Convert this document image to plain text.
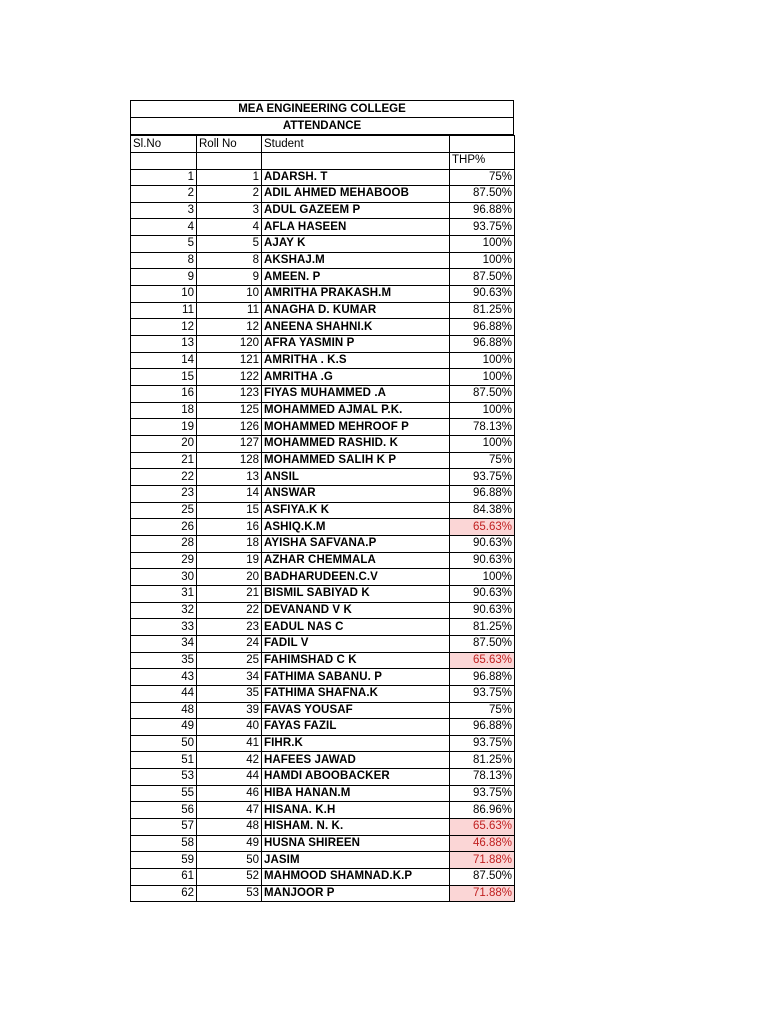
MEA ENGINEERING COLLEGE
ATTENDANCE
Sl.No	Roll No	Student	
			THP%
1	1	ADARSH. T	75%
2	2	ADIL AHMED MEHABOOB	87.50%
3	3	ADUL GAZEEM P	96.88%
4	4	AFLA HASEEN	93.75%
5	5	AJAY K	100%
8	8	AKSHAJ.M	100%
9	9	AMEEN. P	87.50%
10	10	AMRITHA PRAKASH.M	90.63%
11	11	ANAGHA D. KUMAR	81.25%
12	12	ANEENA SHAHNI.K	96.88%
13	120	AFRA YASMIN P	96.88%
14	121	AMRITHA . K.S	100%
15	122	AMRITHA .G	100%
16	123	FIYAS MUHAMMED .A	87.50%
18	125	MOHAMMED AJMAL P.K.	100%
19	126	MOHAMMED MEHROOF P	78.13%
20	127	MOHAMMED RASHID. K	100%
21	128	MOHAMMED SALIH K P	75%
22	13	ANSIL	93.75%
23	14	ANSWAR	96.88%
25	15	ASFIYA.K K	84.38%
26	16	ASHIQ.K.M	65.63%
28	18	AYISHA SAFVANA.P	90.63%
29	19	AZHAR CHEMMALA	90.63%
30	20	BADHARUDEEN.C.V	100%
31	21	BISMIL SABIYAD K	90.63%
32	22	DEVANAND V K	90.63%
33	23	EADUL NAS C	81.25%
34	24	FADIL V	87.50%
35	25	FAHIMSHAD C K	65.63%
43	34	FATHIMA SABANU. P	96.88%
44	35	FATHIMA SHAFNA.K	93.75%
48	39	FAVAS YOUSAF	75%
49	40	FAYAS FAZIL	96.88%
50	41	FIHR.K	93.75%
51	42	HAFEES JAWAD	81.25%
53	44	HAMDI ABOOBACKER	78.13%
55	46	HIBA HANAN.M	93.75%
56	47	HISANA. K.H	86.96%
57	48	HISHAM. N. K.	65.63%
58	49	HUSNA SHIREEN	46.88%
59	50	JASIM	71.88%
61	52	MAHMOOD SHAMNAD.K.P	87.50%
62	53	MANJOOR P	71.88%
